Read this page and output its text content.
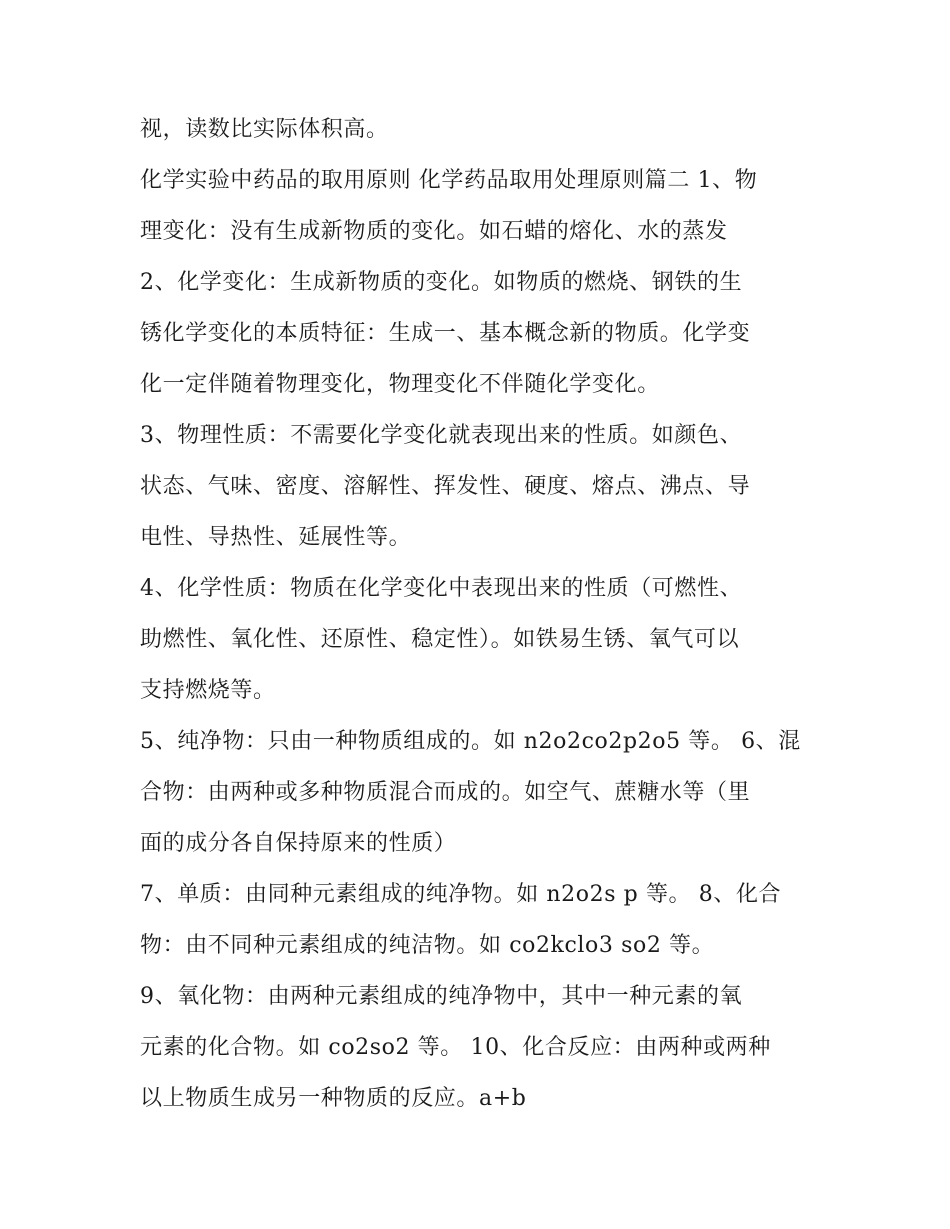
视，读数比实际体积高。
化学实验中药品的取用原则 化学药品取用处理原则篇二 1、物
理变化：没有生成新物质的变化。如石蜡的熔化、水的蒸发
2、化学变化：生成新物质的变化。如物质的燃烧、钢铁的生
锈化学变化的本质特征：生成一、基本概念新的物质。化学变
化一定伴随着物理变化，物理变化不伴随化学变化。
3、物理性质：不需要化学变化就表现出来的性质。如颜色、
状态、气味、密度、溶解性、挥发性、硬度、熔点、沸点、导
电性、导热性、延展性等。
4、化学性质：物质在化学变化中表现出来的性质（可燃性、
助燃性、氧化性、还原性、稳定性）。如铁易生锈、氧气可以
支持燃烧等。
5、纯净物：只由一种物质组成的。如 n2o2co2p2o5 等。 6、混
合物：由两种或多种物质混合而成的。如空气、蔗糖水等（里
面的成分各自保持原来的性质）
7、单质：由同种元素组成的纯净物。如 n2o2s p 等。 8、化合
物：由不同种元素组成的纯洁物。如 co2kclo3 so2 等。
9、氧化物：由两种元素组成的纯净物中，其中一种元素的氧
元素的化合物。如 co2so2 等。 10、化合反应：由两种或两种
以上物质生成另一种物质的反应。a+b
